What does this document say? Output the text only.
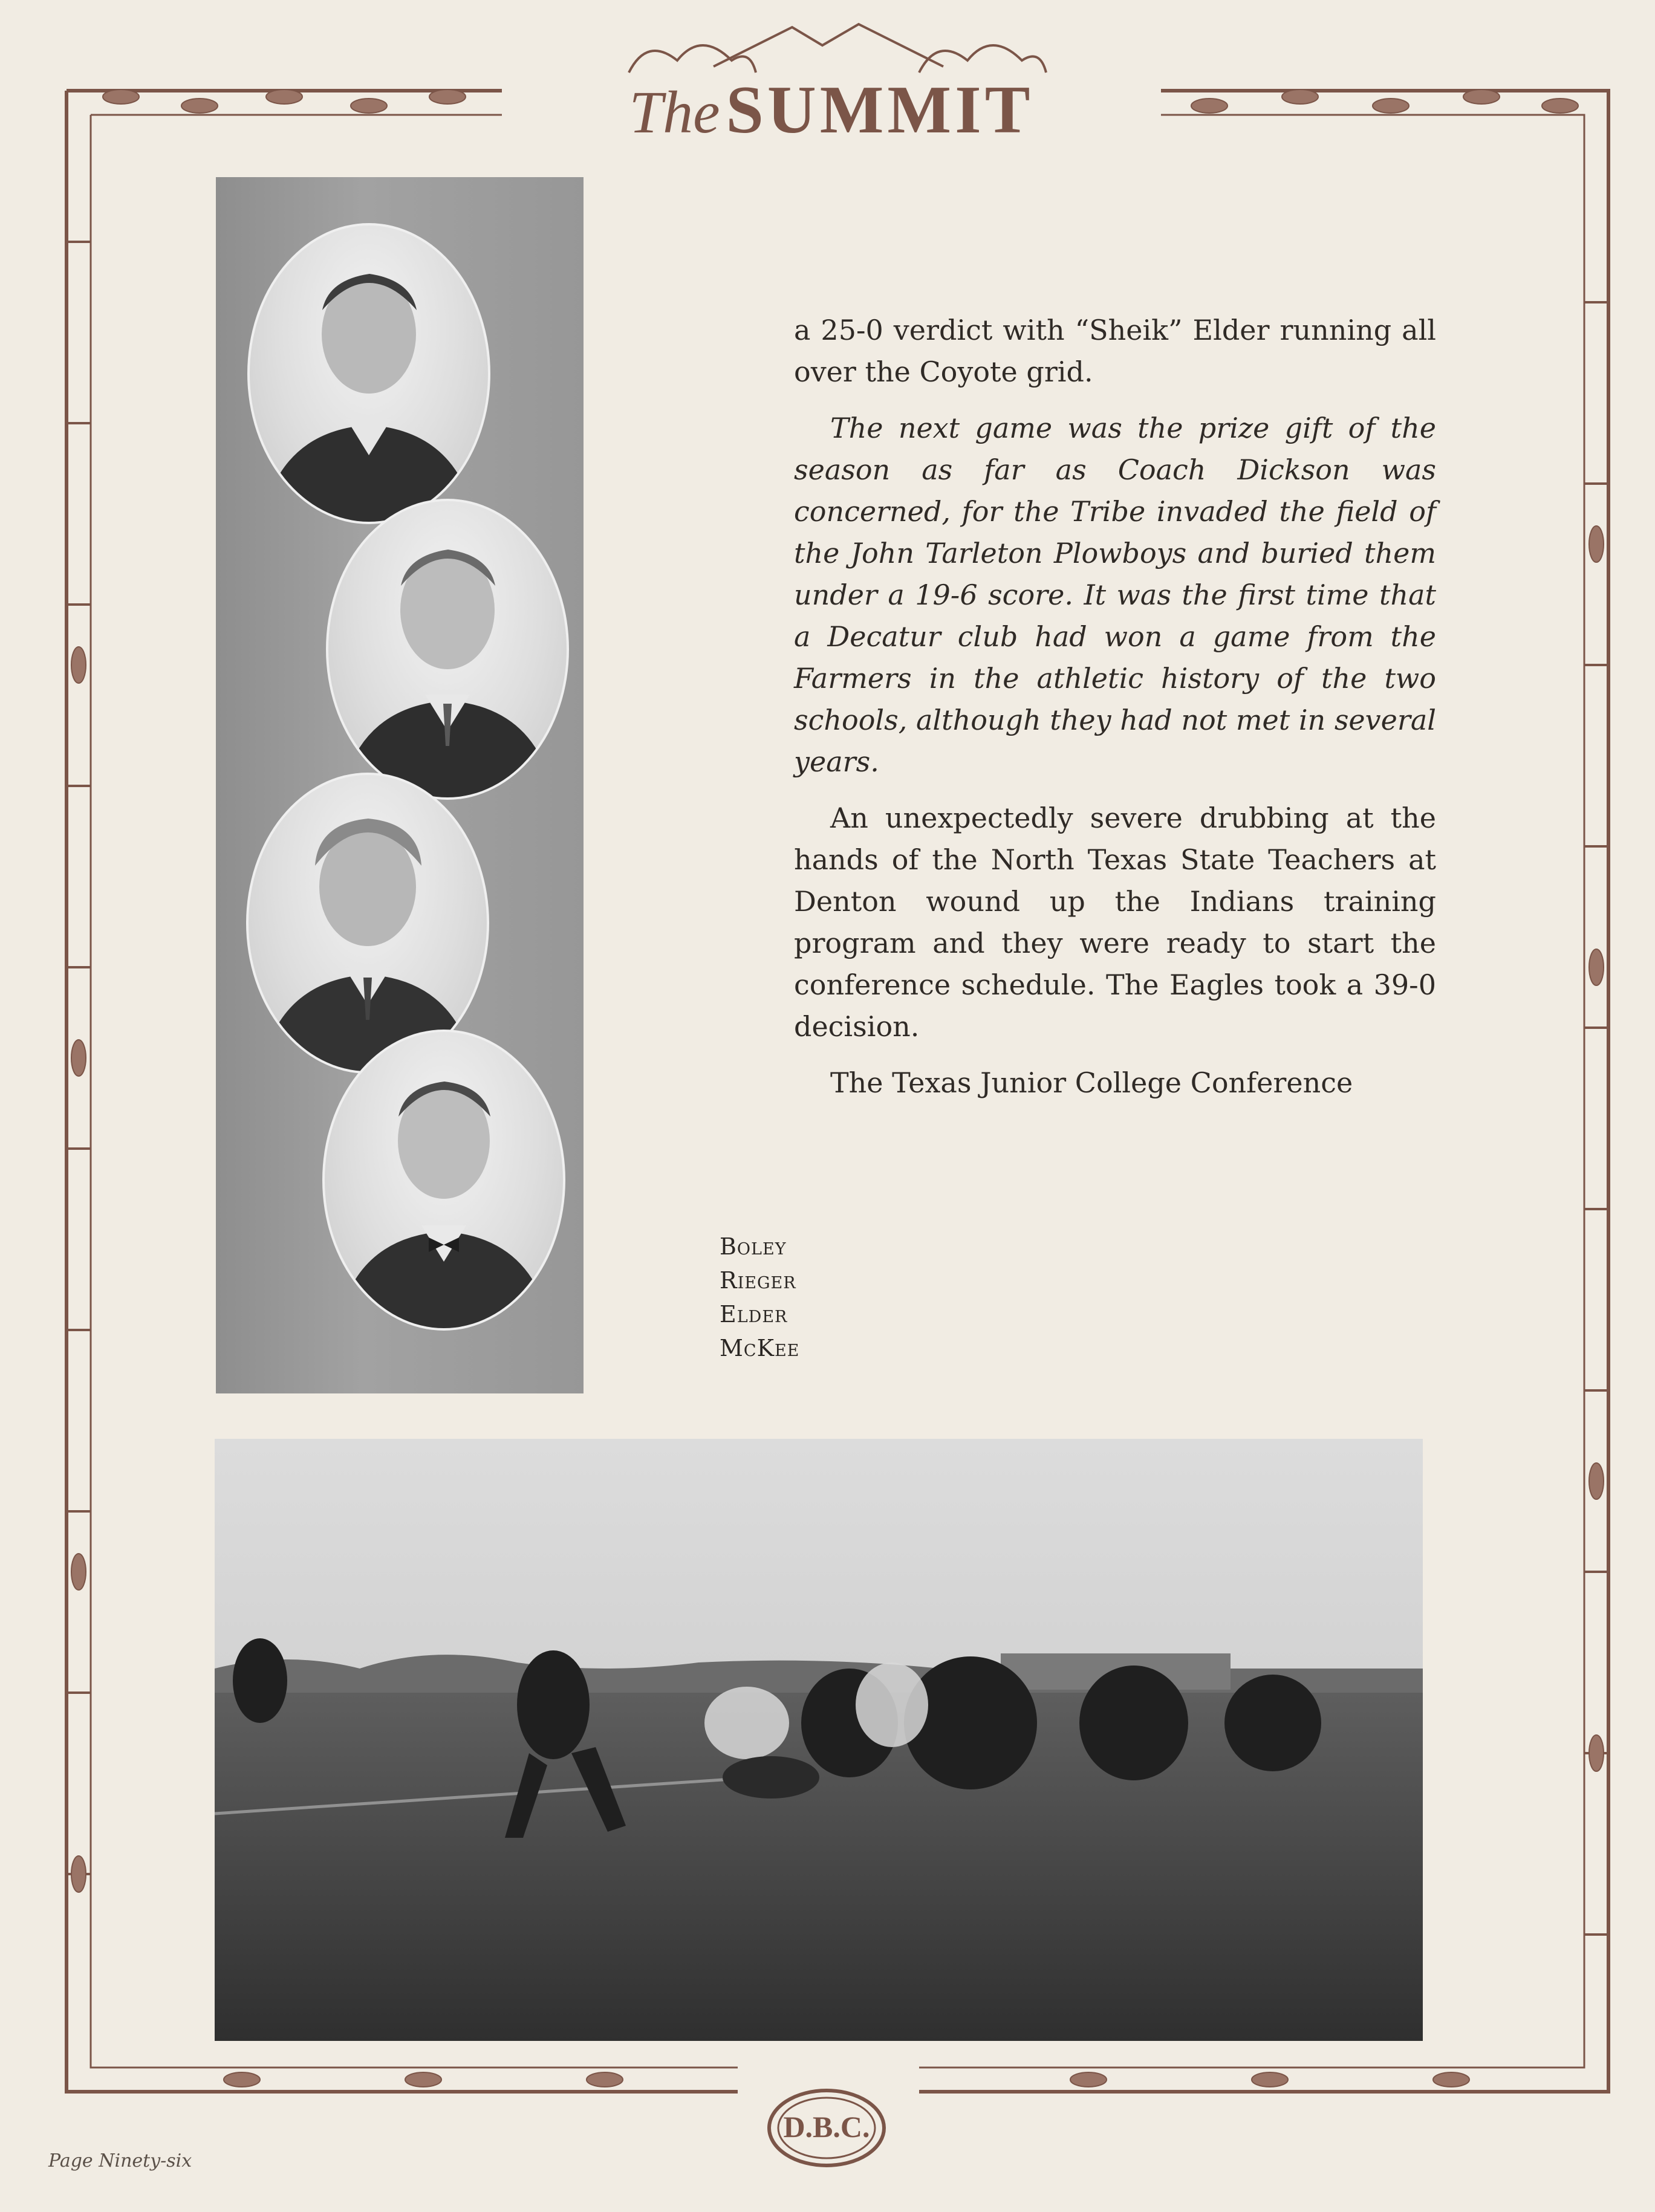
TheSUMMIT

a 25-0 verdict with “Sheik” Elder running all over the Coyote grid.

The next game was the prize gift of the season as far as Coach Dickson was concerned, for the Tribe invaded the field of the John Tarleton Plowboys and buried them under a 19-6 score. It was the first time that a Decatur club had won a game from the Farmers in the athletic history of the two schools, although they had not met in several years.

An unexpectedly severe drubbing at the hands of the North Texas State Teachers at Denton wound up the Indians training program and they were ready to start the conference schedule. The Eagles took a 39-0 decision.

The Texas Junior College Conference

Boley
Rieger
Elder
McKee
Page Ninety-six
D.B.C.
